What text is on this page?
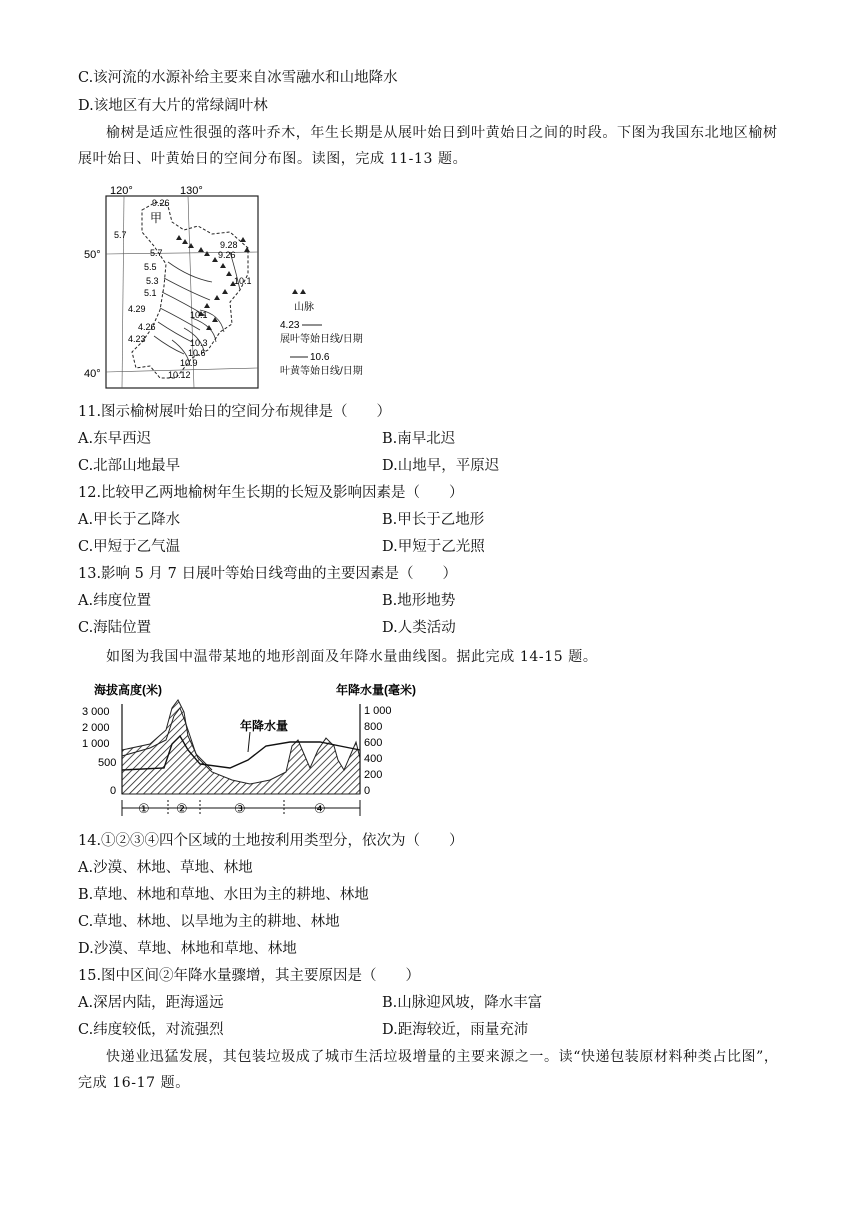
C.该河流的水源补给主要来自冰雪融水和山地降水
D.该地区有大片的常绿阔叶林
榆树是适应性很强的落叶乔木，年生长期是从展叶始日到叶黄始日之间的时段。下图为我国东北地区榆树展叶始日、叶黄始日的空间分布图。读图，完成 11-13 题。
120°	130°
50°
40°
甲
5.7
5.7
5.5
5.3
5.1
4.29
4.26
4.23
9.26
9.28
9.26
10.1
10.1
10.3
10.6
10.9
10.12
山脉
4.23
展叶等始日线/日期
10.6
叶黄等始日线/日期
11.图示榆树展叶始日的空间分布规律是（　　）
A.东早西迟	B.南早北迟
C.北部山地最早	D.山地早，平原迟
12.比较甲乙两地榆树年生长期的长短及影响因素是（　　）
A.甲长于乙降水	B.甲长于乙地形
C.甲短于乙气温	D.甲短于乙光照
13.影响 5 月 7 日展叶等始日线弯曲的主要因素是（　　）
A.纬度位置	B.地形地势
C.海陆位置	D.人类活动
如图为我国中温带某地的地形剖面及年降水量曲线图。据此完成 14-15 题。
海拔高度(米)	年降水量(毫米)
年降水量
3 000
2 000
1 000
500
0
1 000
800
600
400
200
0
① ②	③	④
14.①②③④四个区域的土地按利用类型分，依次为（　　）
A.沙漠、林地、草地、林地
B.草地、林地和草地、水田为主的耕地、林地
C.草地、林地、以旱地为主的耕地、林地
D.沙漠、草地、林地和草地、林地
15.图中区间②年降水量骤增，其主要原因是（　　）
A.深居内陆，距海遥远	B.山脉迎风坡，降水丰富
C.纬度较低，对流强烈	D.距海较近，雨量充沛
快递业迅猛发展，其包装垃圾成了城市生活垃圾增量的主要来源之一。读“快递包装原材料种类占比图”，完成 16-17 题。
